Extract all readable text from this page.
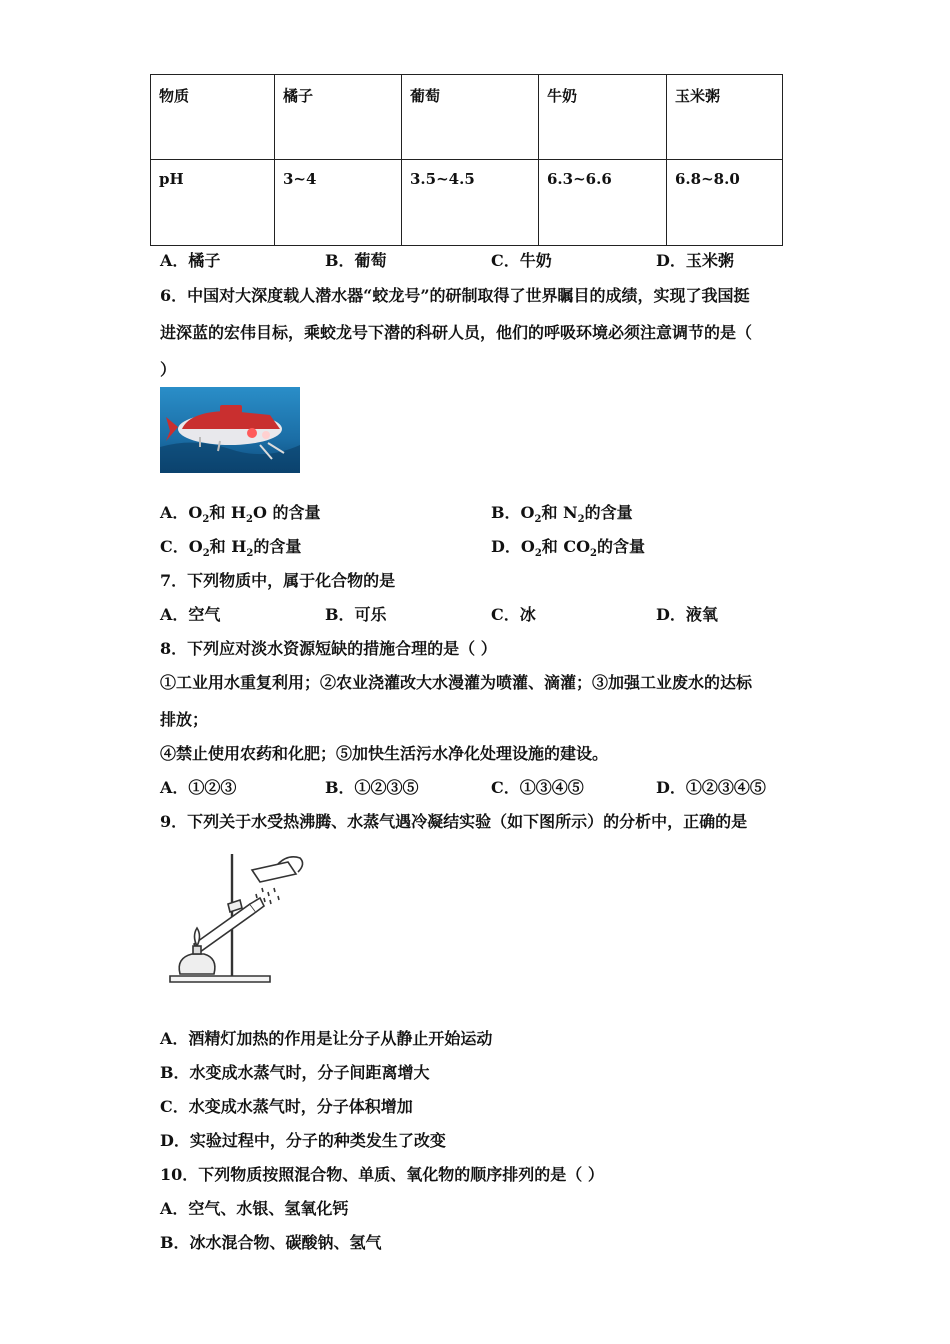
物质	橘子	葡萄	牛奶	玉米粥
pH	3~4	3.5~4.5	6.3~6.6	6.8~8.0
A．橘子	B．葡萄	C．牛奶	D．玉米粥
6．中国对大深度载人潜水器“蛟龙号”的研制取得了世界瞩目的成绩，实现了我国挺
进深蓝的宏伟目标，乘蛟龙号下潜的科研人员，他们的呼吸环境必须注意调节的是（
）
A．$O_2$和 $H_2O$ 的含量	B．$O_2$和 $N_2$的含量
C．$O_2$和 $H_2$的含量	D．$O_2$和 $CO_2$的含量
7．下列物质中，属于化合物的是
A．空气	B．可乐	C．冰	D．液氧
8．下列应对淡水资源短缺的措施合理的是（ ）
①工业用水重复利用；②农业浇灌改大水漫灌为喷灌、滴灌；③加强工业废水的达标
排放；
④禁止使用农药和化肥；⑤加快生活污水净化处理设施的建设。
A．①②③	B．①②③⑤	C．①③④⑤	D．①②③④⑤
9．下列关于水受热沸腾、水蒸气遇冷凝结实验（如下图所示）的分析中，正确的是
A．酒精灯加热的作用是让分子从静止开始运动
B．水变成水蒸气时，分子间距离增大
C．水变成水蒸气时，分子体积增加
D．实验过程中，分子的种类发生了改变
10．下列物质按照混合物、单质、氧化物的顺序排列的是（ ）
A．空气、水银、氢氧化钙
B．冰水混合物、碳酸钠、氢气
